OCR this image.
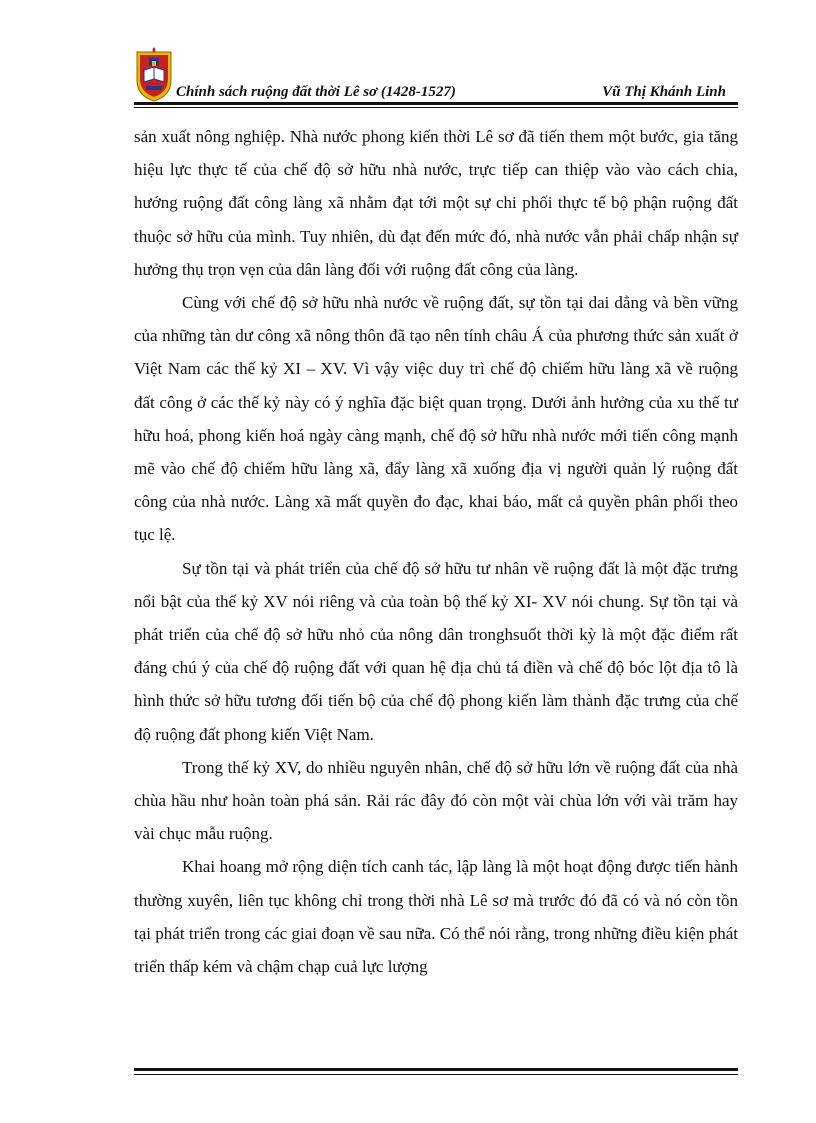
Chính sách ruộng đất thời Lê sơ (1428-1527)	Vũ Thị Khánh Linh

sản xuất nông nghiệp. Nhà nước phong kiến thời Lê sơ đã tiến them một bước, gia tăng hiệu lực thực tế của chế độ sở hữu nhà nước, trực tiếp can thiệp vào vào cách chia, hướng ruộng đất công làng xã nhằm đạt tới một sự chi phối thực tế bộ phận ruộng đất thuộc sở hữu của mình. Tuy nhiên, dù đạt đến mức đó, nhà nước vẫn phải chấp nhận sự hưởng thụ trọn vẹn của dân làng đối với ruộng đất công của làng.

Cùng với chế độ sở hữu nhà nước về ruộng đất, sự tồn tại dai dẳng và bền vững của những tàn dư công xã nông thôn đã tạo nên tính châu Á của phương thức sản xuất ở Việt Nam các thế kỷ XI – XV. Vì vậy việc duy trì chế độ chiếm hữu làng xã về ruộng đất công ở các thế kỷ này có ý nghĩa đặc biệt quan trọng. Dưới ảnh hưởng của xu thế tư hữu hoá, phong kiến hoá ngày càng mạnh, chế độ sở hữu nhà nước mới tiến công mạnh mẽ vào chế độ chiếm hữu làng xã, đẩy làng xã xuống địa vị người quản lý ruộng đất công của nhà nước. Làng xã mất quyền đo đạc, khai báo, mất cả quyền phân phối theo tục lệ.

Sự tồn tại và phát triển của chế độ sở hữu tư nhân về ruộng đất là một đặc trưng nổi bật của thế kỷ XV nói riêng và của toàn bộ thế kỷ XI- XV nói chung. Sự tồn tại và phát triển của chế độ sở hữu nhỏ của nông dân tronghsuốt thời kỳ là một đặc điểm rất đáng chú ý của chế độ ruộng đất với quan hệ địa chủ tá điền và chế độ bóc lột địa tô là hình thức sở hữu tương đối tiến bộ của chế độ phong kiến làm thành đặc trưng của chế độ ruộng đất phong kiến Việt Nam.

Trong thế kỷ XV, do nhiều nguyên nhân, chế độ sở hữu lớn về ruộng đất của nhà chùa hầu như hoàn toàn phá sản. Rải rác đây đó còn một vài chùa lớn với vài trăm hay vài chục mẫu ruộng.

Khai hoang mở rộng diện tích canh tác, lập làng là một hoạt động được tiến hành thường xuyên, liên tục không chỉ trong thời nhà Lê sơ mà trước đó đã có và nó còn tồn tại phát triển trong các giai đoạn về sau nữa. Có thể nói rằng, trong những điều kiện phát triển thấp kém và chậm chạp cuả lực lượng
